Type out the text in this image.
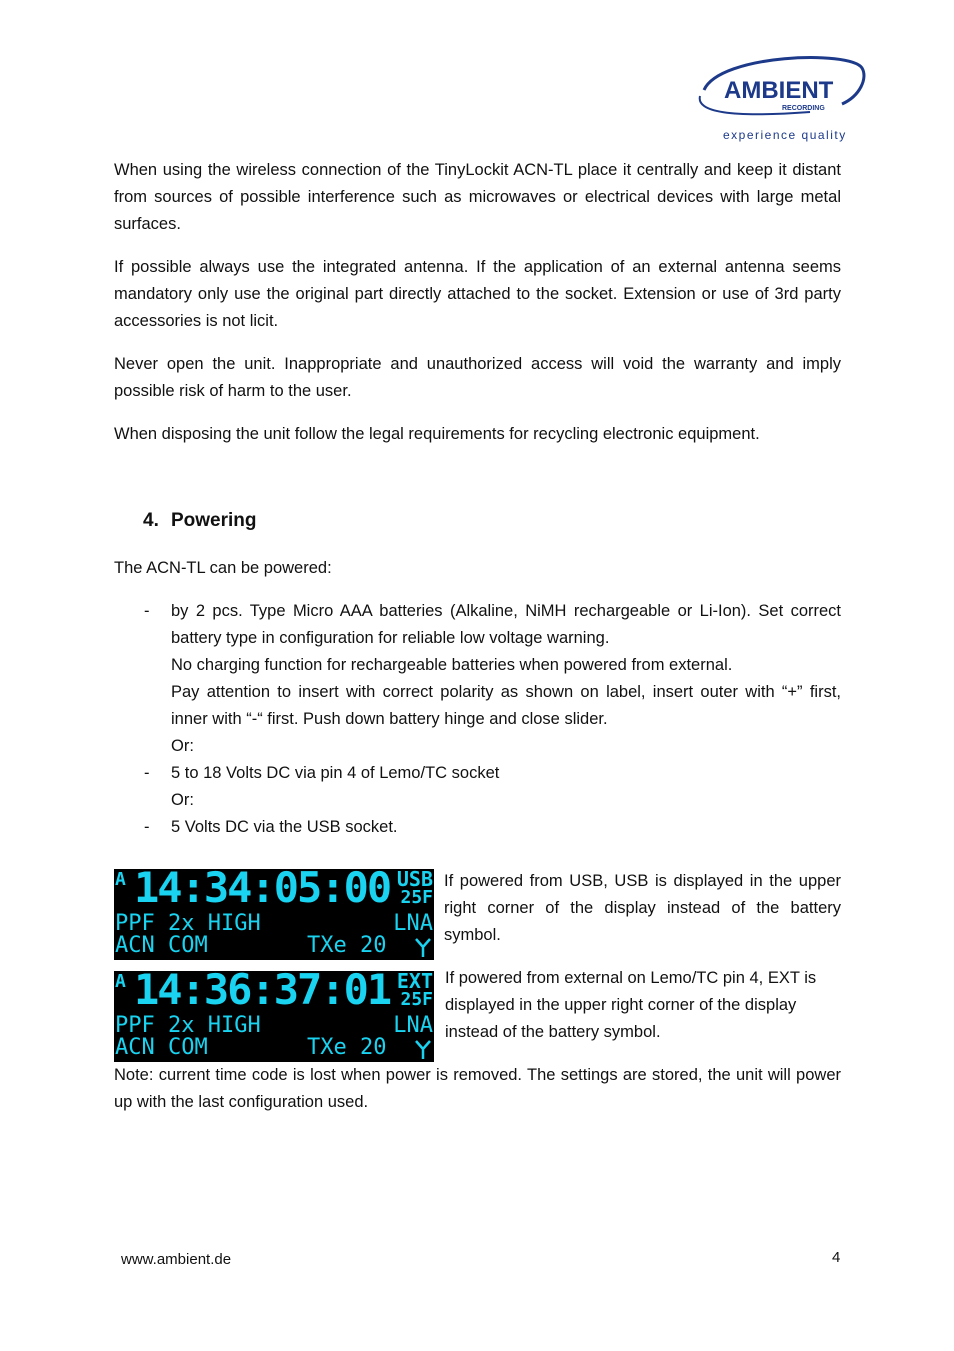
AMBIENT
RECORDING
experience quality

When using the wireless connection of the TinyLockit ACN-TL place it centrally and keep it distant from sources of possible interference such as microwaves or electrical devices with large metal surfaces.

If possible always use the integrated antenna. If the application of an external antenna seems mandatory only use the original part directly attached to the socket. Extension or use of 3rd party accessories is not licit.

Never open the unit. Inappropriate and unauthorized access will void the warranty and imply possible risk of harm to the user.

When disposing the unit follow the legal requirements for recycling electronic equipment.

4. Powering

The ACN-TL can be powered:

- by 2 pcs. Type Micro AAA batteries (Alkaline, NiMH rechargeable or Li-Ion). Set correct battery type in configuration for reliable low voltage warning.
No charging function for rechargeable batteries when powered from external.
Pay attention to insert with correct polarity as shown on label, insert outer with “+” first, inner with “-“ first. Push down battery hinge and close slider.
Or:
- 5 to 18 Volts DC via pin 4 of Lemo/TC socket
Or:
- 5 Volts DC via the USB socket.
A 14:34:05:00 USB
25F
PPF 2x HIGH	LNA
ACN COM	TXe 20

If powered from USB, USB is displayed in the upper right corner of the display instead of the battery symbol.

A 14:36:37:01 EXT
25F
PPF 2x HIGH	LNA
ACN COM	TXe 20

If powered from external on Lemo/TC pin 4, EXT is displayed in the upper right corner of the display instead of the battery symbol.

Note: current time code is lost when power is removed. The settings are stored, the unit will power up with the last configuration used.

www.ambient.de	4
